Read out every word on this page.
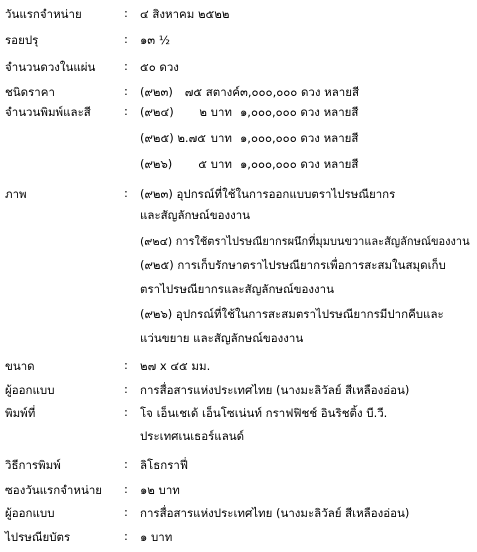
วันแรกจำหน่าย	: ๔ สิงหาคม ๒๕๒๒
รอยปรุ	: ๑๓ ½
จำนวนดวงในแผ่น : ๕๐ ดวง
ชนิดราคา	: (๙๒๓)	๗๕ สตางค์ ๓,๐๐๐,๐๐๐ ดวง หลายสี
จำนวนพิมพ์และสี	: (๙๒๔)	๒ บาท ๑,๐๐๐,๐๐๐ ดวง หลายสี
(๙๒๕) ๒.๗๕ บาท ๑,๐๐๐,๐๐๐ ดวง หลายสี
(๙๒๖)	๕ บาท ๑,๐๐๐,๐๐๐ ดวง หลายสี
ภาพ	: (๙๒๓) อุปกรณ์ที่ใช้ในการออกแบบตราไปรษณียากร
และสัญลักษณ์ของงาน
(๙๒๔) การใช้ตราไปรษณียากรผนึกที่มุมบนขวาและสัญลักษณ์ของงาน
(๙๒๕) การเก็บรักษาตราไปรษณียากรเพื่อการสะสมในสมุดเก็บ
ตราไปรษณียากรและสัญลักษณ์ของงาน
(๙๒๖) อุปกรณ์ที่ใช้ในการสะสมตราไปรษณียากรมีปากคีบและ
แว่นขยาย และสัญลักษณ์ของงาน
ขนาด	: ๒๗ x ๔๕ มม.
ผู้ออกแบบ	: การสื่อสารแห่งประเทศไทย (นางมะลิวัลย์ สีเหลืองอ่อน)
พิมพ์ที่	: โจ เอ็นเชเด้ เอ็นโซเน่นท์ กราฟฟิชช์ อินริชติ้ง บี.วี.
ประเทศเนเธอร์แลนด์
วิธีการพิมพ์	: ลิโธกราฟี่
ซองวันแรกจำหน่าย : ๑๒ บาท
ผู้ออกแบบ	: การสื่อสารแห่งประเทศไทย (นางมะลิวัลย์ สีเหลืองอ่อน)
ไปรษณียบัตร	: ๑ บาท
